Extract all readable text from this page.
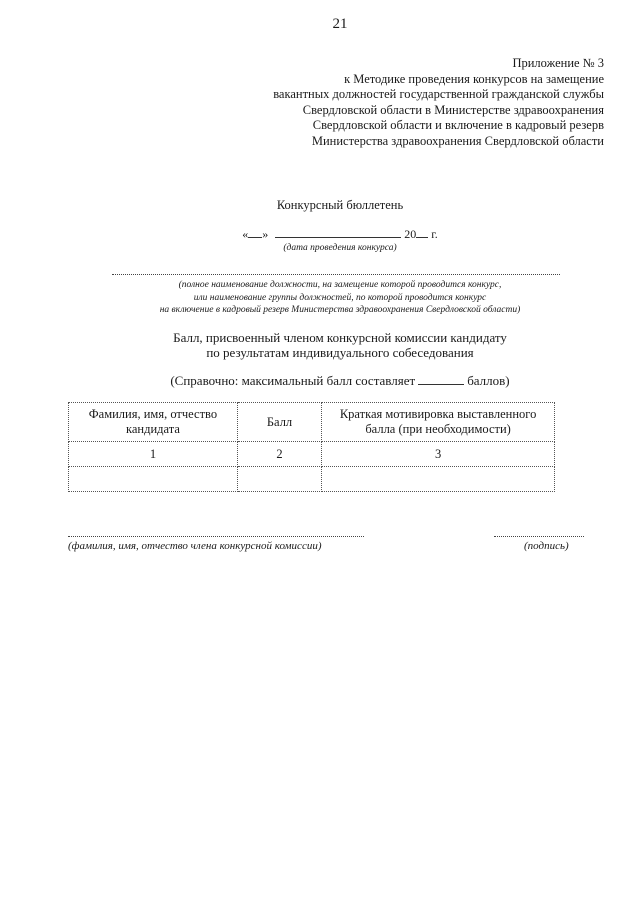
21
Приложение № 3
к Методике проведения конкурсов на замещение
вакантных должностей государственной гражданской службы
Свердловской области в Министерстве здравоохранения
Свердловской области и включение в кадровый резерв
Министерства здравоохранения Свердловской области
Конкурсный бюллетень
« »	20 г.
(дата проведения конкурса)
(полное наименование должности, на замещение которой проводится конкурс,
или наименование группы должностей, по которой проводится конкурс
на включение в кадровый резерв Министерства здравоохранения Свердловской области)
Балл, присвоенный членом конкурсной комиссии кандидату
по результатам индивидуального собеседования
(Справочно: максимальный балл составляет	баллов)
Фамилия, имя, отчество кандидата	Балл	Краткая мотивировка выставленного балла (при необходимости)
1	2	3

(фамилия, имя, отчество члена конкурсной комиссии)	(подпись)
